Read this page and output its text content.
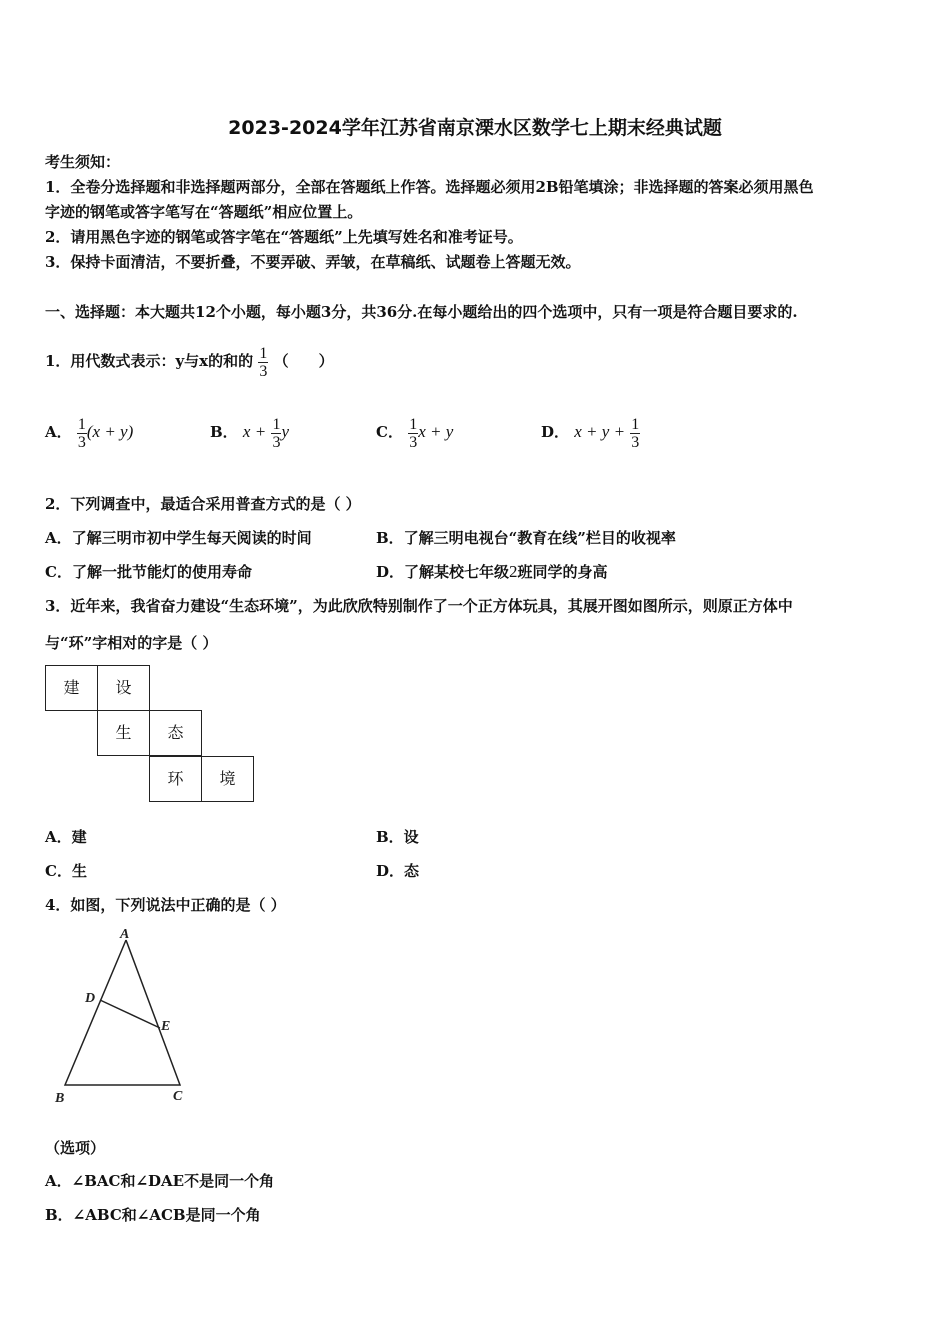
2023-2024学年江苏省南京溧水区数学七上期末经典试题
考生须知：
1．全卷分选择题和非选择题两部分，全部在答题纸上作答。选择题必须用2B铅笔填涂；非选择题的答案必须用黑色
字迹的钢笔或答字笔写在“答题纸”相应位置上。
2．请用黑色字迹的钢笔或答字笔在“答题纸”上先填写姓名和准考证号。
3．保持卡面清洁，不要折叠，不要弄破、弄皱，在草稿纸、试题卷上答题无效。
一、选择题：本大题共12个小题，每小题3分，共36分.在每小题给出的四个选项中，只有一项是符合题目要求的.
1．用代数式表示：y与x的和的 $\frac{1}{3}$ （　　）
A． $\frac{1}{3} (x + y)$	B． $x + \frac{1}{3}$ y	C． $\frac{1}{3}$ x + y	D． $x + y + \frac{1}{3}$
2．下列调查中，最适合采用普查方式的是（ ）
A．了解三明市初中学生每天阅读的时间	B．了解三明电视台“教育在线”栏目的收视率
C．了解一批节能灯的使用寿命	D．了解某校七年级2班同学的身高
3．近年来，我省奋力建设“生态环境”，为此欣欣特别制作了一个正方体玩具，其展开图如图所示，则原正方体中
与“环”字相对的字是（ ）
建	设
生	态
环	境
A．建	B．设
C．生	D．态
4．如图，下列说法中正确的是（ ）
A
B	C
D
E
（选项）
A．∠BAC和∠DAE不是同一个角
B．∠ABC和∠ACB是同一个角
